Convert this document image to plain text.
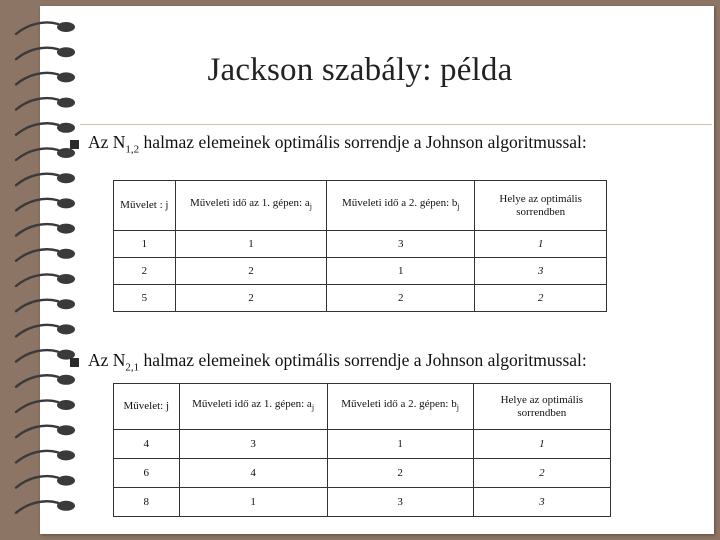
Jackson szabály: példa
Az $N_{1,2}$ halmaz elemeinek optimális sorrendje a Johnson algoritmussal:
Művelet : j	Műveleti idő az 1. gépen: $a_j$	Műveleti idő a 2. gépen: $b_j$	Helye az optimális sorrendben
1	1	3	1
2	2	1	3
5	2	2	2
Az $N_{2,1}$ halmaz elemeinek optimális sorrendje a Johnson algoritmussal:
Művelet: j	Műveleti idő az 1. gépen: $a_j$	Műveleti idő a 2. gépen: $b_j$	Helye az optimális sorrendben
4	3	1	1
6	4	2	2
8	1	3	3
